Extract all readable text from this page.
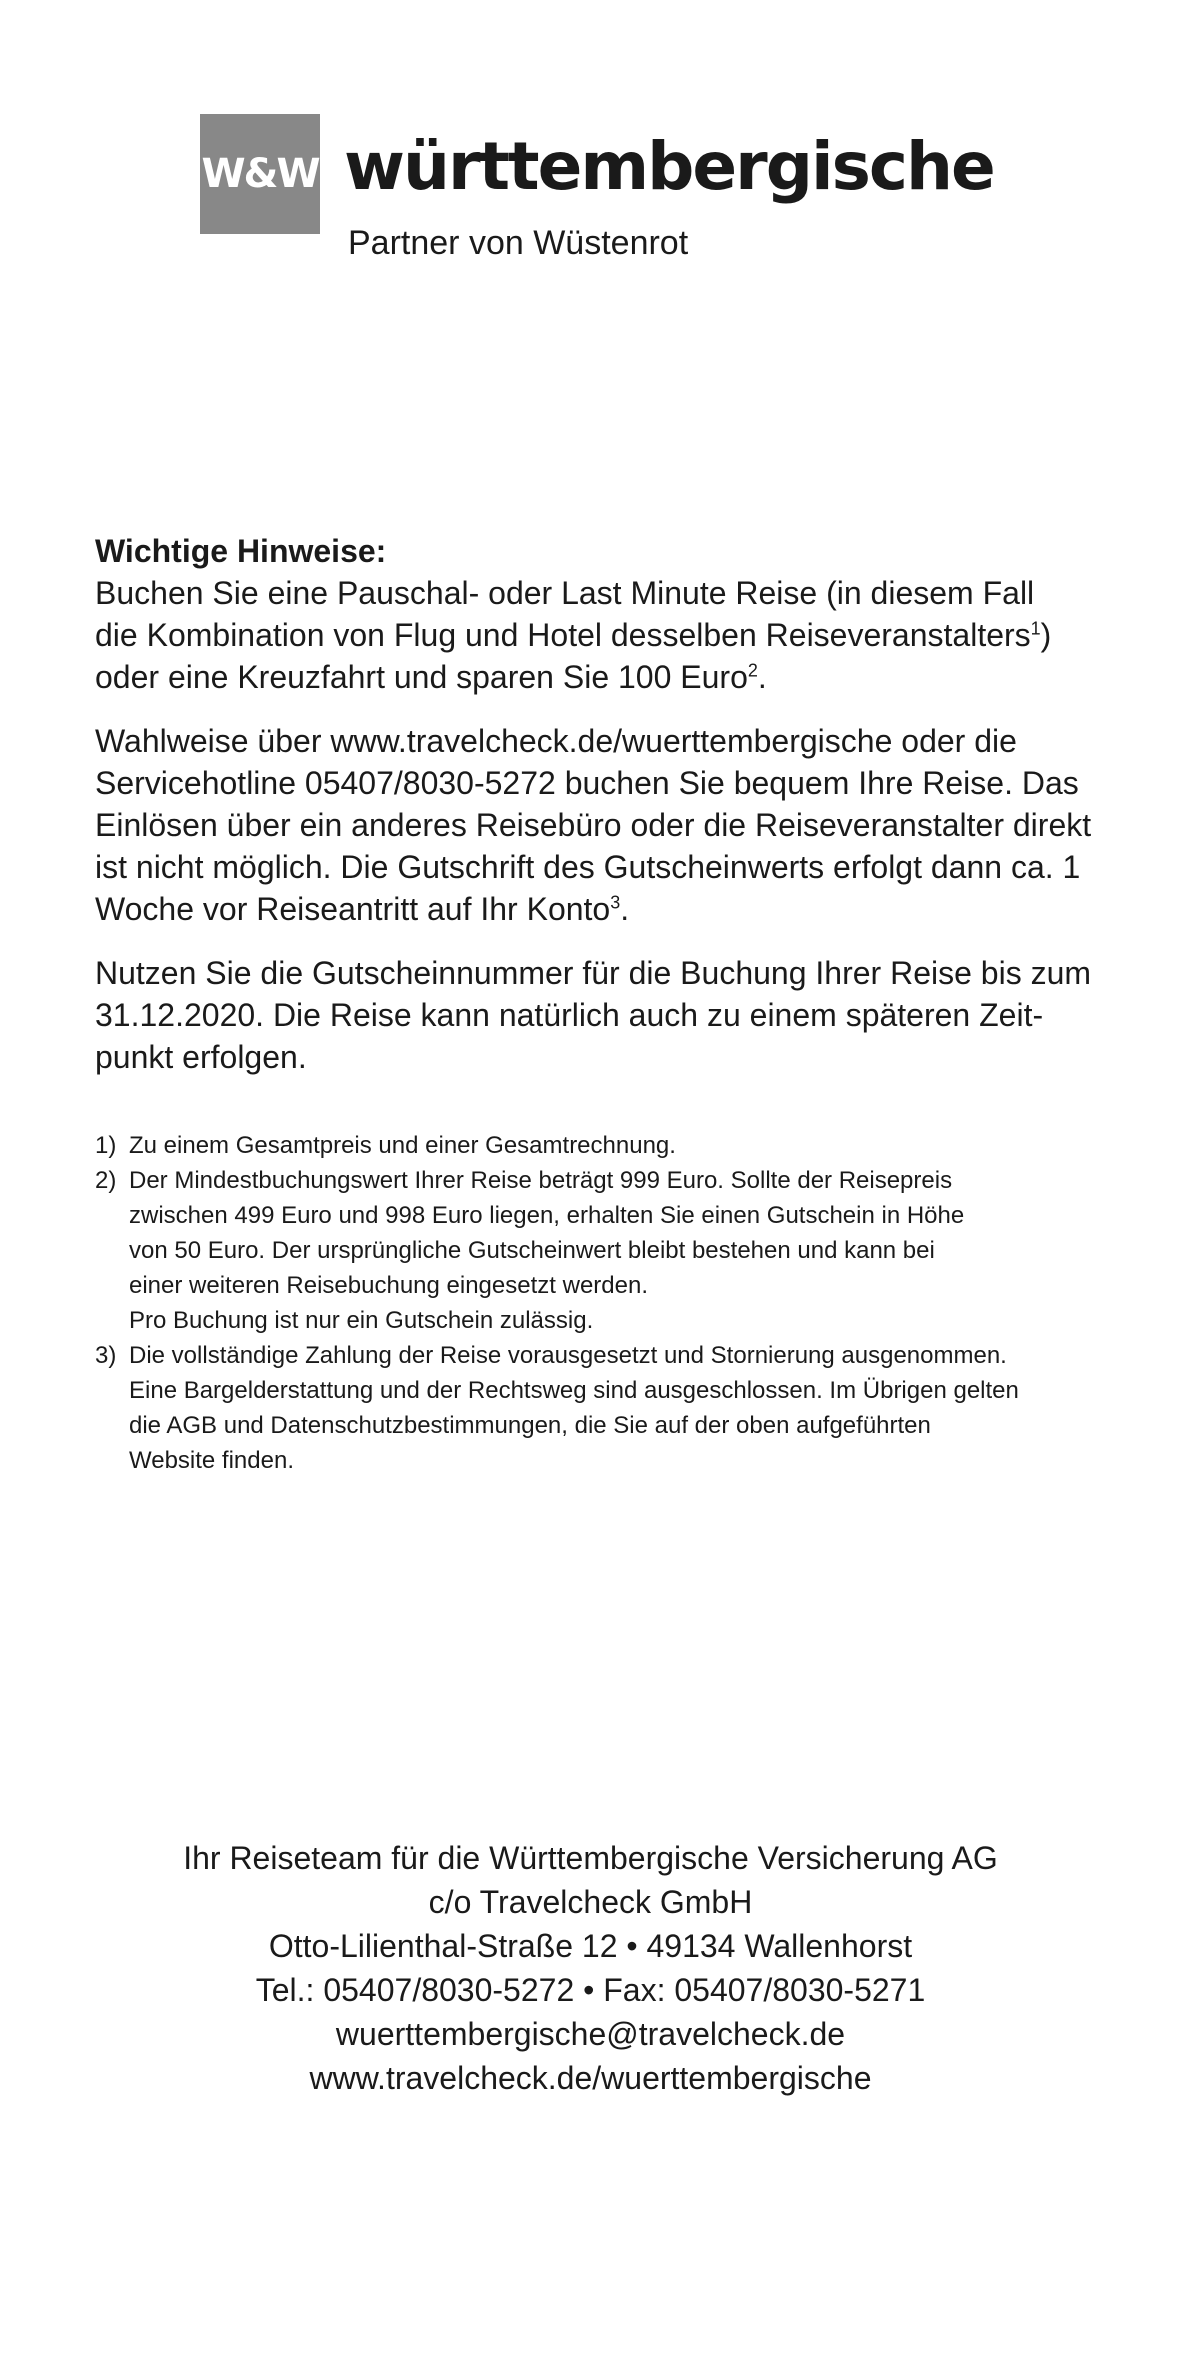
W&W württembergische
Partner von Wüstenrot
Wichtige Hinweise:

Buchen Sie eine Pauschal- oder Last Minute Reise (in diesem Fall
die Kombination von Flug und Hotel desselben Reiseveranstalters$^1$)
oder eine Kreuzfahrt und sparen Sie 100 Euro$^2$.

Wahlweise über www.travelcheck.de/wuerttembergische oder die
Servicehotline 05407/8030-5272 buchen Sie bequem Ihre Reise. Das
Einlösen über ein anderes Reisebüro oder die Reiseveranstalter direkt
ist nicht möglich. Die Gutschrift des Gutscheinwerts erfolgt dann ca. 1
Woche vor Reiseantritt auf Ihr Konto$^3$.

Nutzen Sie die Gutscheinnummer für die Buchung Ihrer Reise bis zum
31.12.2020. Die Reise kann natürlich auch zu einem späteren Zeit-
punkt erfolgen.

1) Zu einem Gesamtpreis und einer Gesamtrechnung.
2) Der Mindestbuchungswert Ihrer Reise beträgt 999 Euro. Sollte der Reisepreis
zwischen 499 Euro und 998 Euro liegen, erhalten Sie einen Gutschein in Höhe
von 50 Euro. Der ursprüngliche Gutscheinwert bleibt bestehen und kann bei
einer weiteren Reisebuchung eingesetzt werden.
Pro Buchung ist nur ein Gutschein zulässig.
3) Die vollständige Zahlung der Reise vorausgesetzt und Stornierung ausgenommen.
Eine Bargelderstattung und der Rechtsweg sind ausgeschlossen. Im Übrigen gelten
die AGB und Datenschutzbestimmungen, die Sie auf der oben aufgeführten
Website finden.
Ihr Reiseteam für die Württembergische Versicherung AG
c/o Travelcheck GmbH
Otto-Lilienthal-Straße 12 • 49134 Wallenhorst
Tel.: 05407/8030-5272 • Fax: 05407/8030-5271
wuerttembergische@travelcheck.de
www.travelcheck.de/wuerttembergische
